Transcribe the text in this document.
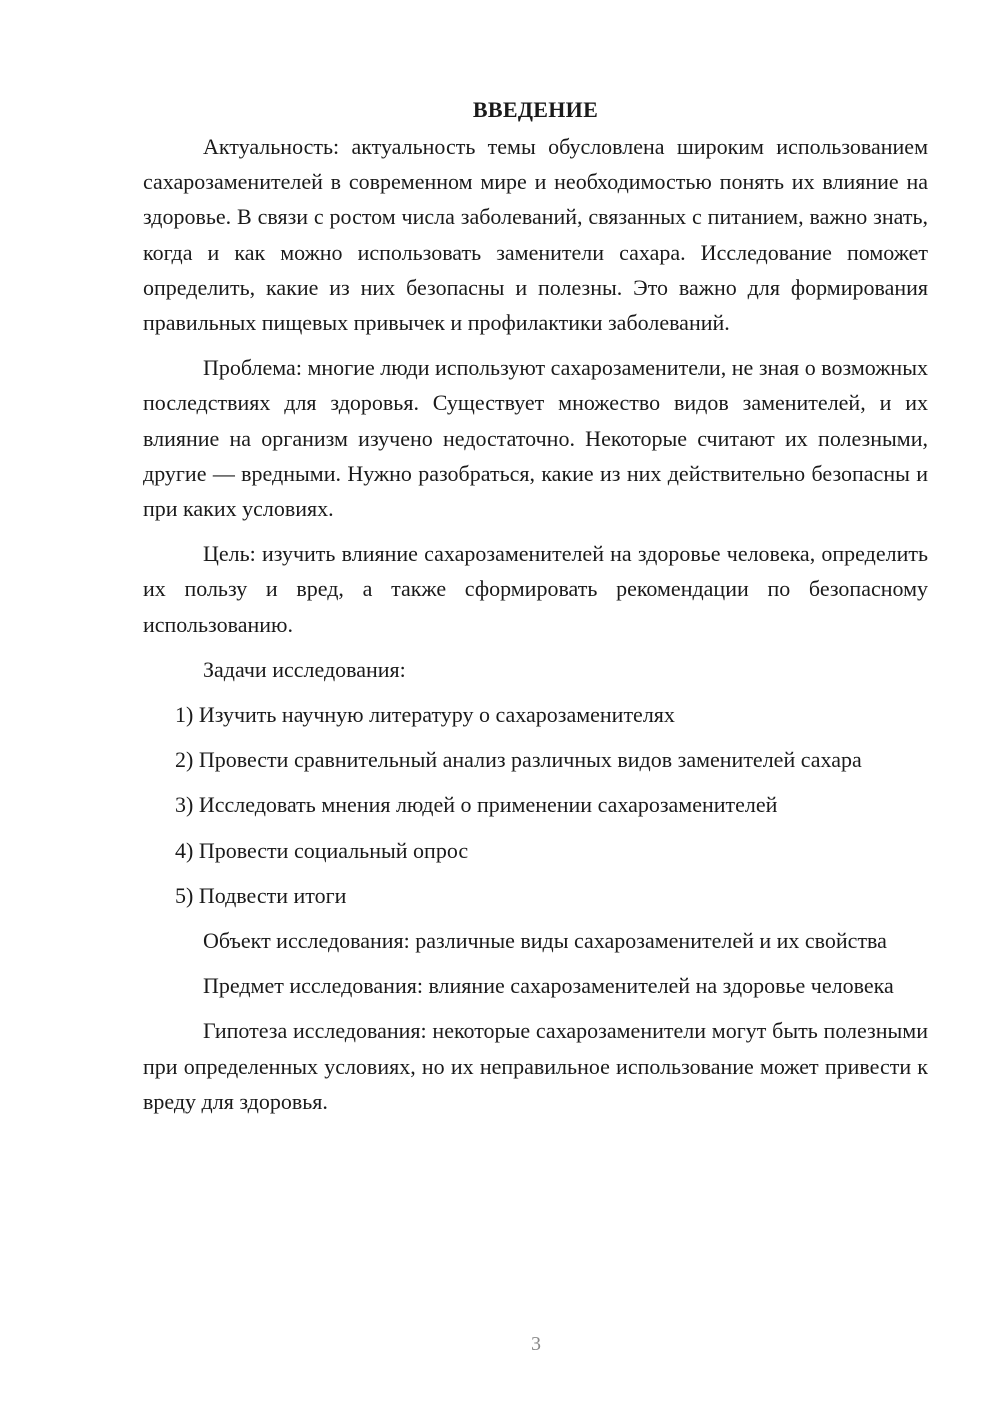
ВВЕДЕНИЕ

Актуальность: актуальность темы обусловлена широким использованием сахарозаменителей в современном мире и необходимостью понять их влияние на здоровье. В связи с ростом числа заболеваний, связанных с питанием, важно знать, когда и как можно использовать заменители сахара. Исследование поможет определить, какие из них безопасны и полезны. Это важно для формирования правильных пищевых привычек и профилактики заболеваний.

Проблема: многие люди используют сахарозаменители, не зная о возможных последствиях для здоровья. Существует множество видов заменителей, и их влияние на организм изучено недостаточно. Некоторые считают их полезными, другие — вредными. Нужно разобраться, какие из них действительно безопасны и при каких условиях.

Цель: изучить влияние сахарозаменителей на здоровье человека, определить их пользу и вред, а также сформировать рекомендации по безопасному использованию.

Задачи исследования:

1) Изучить научную литературу о сахарозаменителях

2) Провести сравнительный анализ различных видов заменителей сахара

3) Исследовать мнения людей о применении сахарозаменителей

4) Провести социальный опрос

5) Подвести итоги

Объект исследования: различные виды сахарозаменителей и их свойства

Предмет исследования: влияние сахарозаменителей на здоровье человека

Гипотеза исследования: некоторые сахарозаменители могут быть полезными при определенных условиях, но их неправильное использование может привести к вреду для здоровья.

3
